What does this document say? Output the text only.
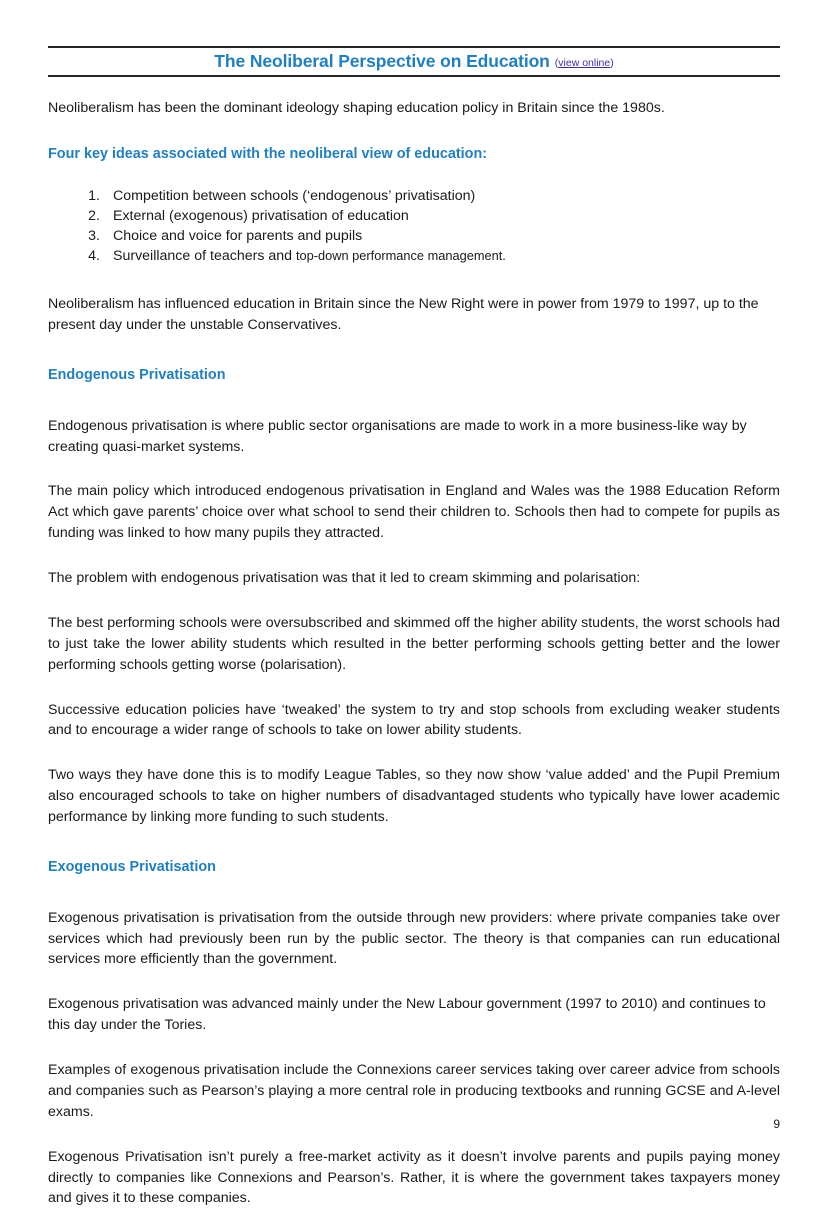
The Neoliberal Perspective on Education (view online)

Neoliberalism has been the dominant ideology shaping education policy in Britain since the 1980s.

Four key ideas associated with the neoliberal view of education:
Competition between schools (‘endogenous’ privatisation)
External (exogenous) privatisation of education
Choice and voice for parents and pupils
Surveillance of teachers and top-down performance management.

Neoliberalism has influenced education in Britain since the New Right were in power from 1979 to 1997, up to the present day under the unstable Conservatives.

Endogenous Privatisation

Endogenous privatisation is where public sector organisations are made to work in a more business-like way by creating quasi-market systems.

The main policy which introduced endogenous privatisation in England and Wales was the 1988 Education Reform Act which gave parents’ choice over what school to send their children to. Schools then had to compete for pupils as funding was linked to how many pupils they attracted.

The problem with endogenous privatisation was that it led to cream skimming and polarisation:

The best performing schools were oversubscribed and skimmed off the higher ability students, the worst schools had to just take the lower ability students which resulted in the better performing schools getting better and the lower performing schools getting worse (polarisation).

Successive education policies have ‘tweaked’ the system to try and stop schools from excluding weaker students and to encourage a wider range of schools to take on lower ability students.

Two ways they have done this is to modify League Tables, so they now show ‘value added’ and the Pupil Premium also encouraged schools to take on higher numbers of disadvantaged students who typically have lower academic performance by linking more funding to such students.

Exogenous Privatisation

Exogenous privatisation is privatisation from the outside through new providers: where private companies take over services which had previously been run by the public sector. The theory is that companies can run educational services more efficiently than the government.

Exogenous privatisation was advanced mainly under the New Labour government (1997 to 2010) and continues to this day under the Tories.

Examples of exogenous privatisation include the Connexions career services taking over career advice from schools and companies such as Pearson’s playing a more central role in producing textbooks and running GCSE and A-level exams.

Exogenous Privatisation isn’t purely a free-market activity as it doesn’t involve parents and pupils paying money directly to companies like Connexions and Pearson’s. Rather, it is where the government takes taxpayers money and gives it to these companies.

9
